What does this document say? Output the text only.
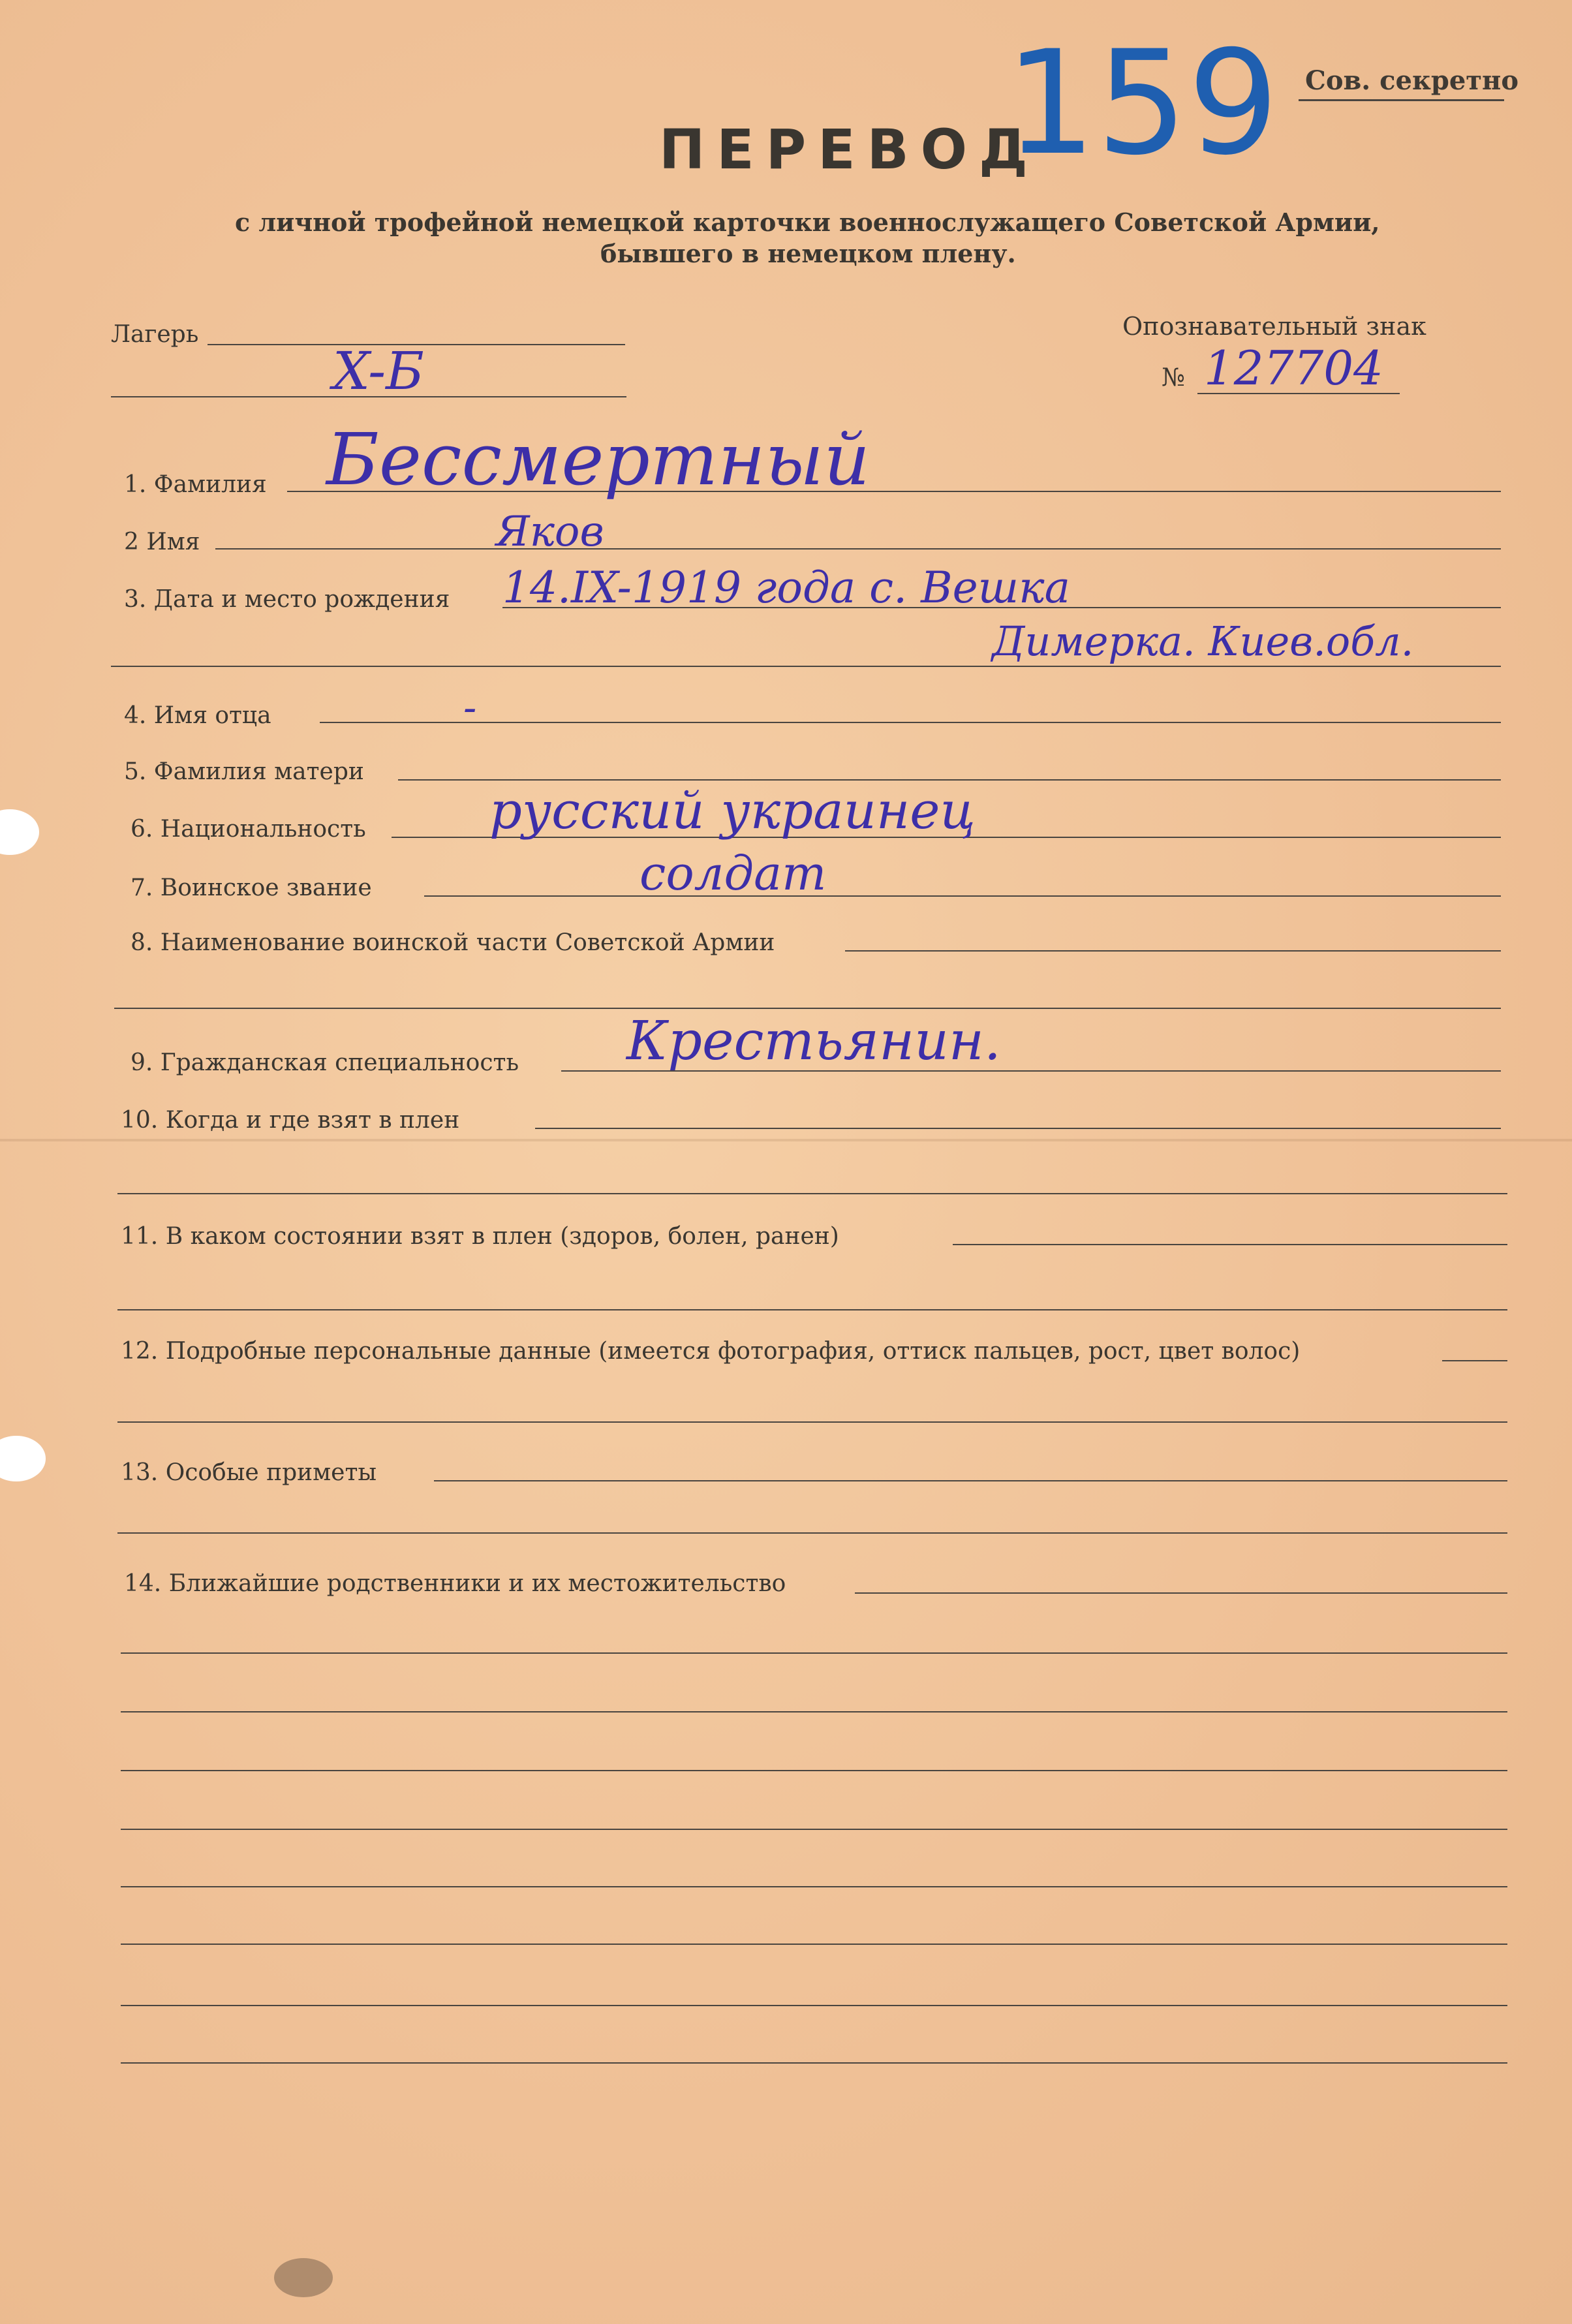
159 Сов. секретно
ПЕРЕВОД
с личной трофейной немецкой карточки военнослужащего Советской Армии,
бывшего в немецком плену.
Лагерь
X-Б
Опознавательный знак
№ 127704
1. Фамилия Бессмертный
2 Имя	Яков
3. Дата и место рождения 14.IX-1919 года с. Вешка
Димерка. Киев.обл.
4. Имя отца	-
5. Фамилия матери
6. Национальность русский украинец
7. Воинское звание	солдат
8. Наименование воинской части Советской Армии
9. Гражданская специальность Крестьянин.
10. Когда и где взят в плен
11. В каком состоянии взят в плен (здоров, болен, ранен)
12. Подробные персональные данные (имеется фотография, оттиск пальцев, рост, цвет волос)
13. Особые приметы
14. Ближайшие родственники и их местожительство
